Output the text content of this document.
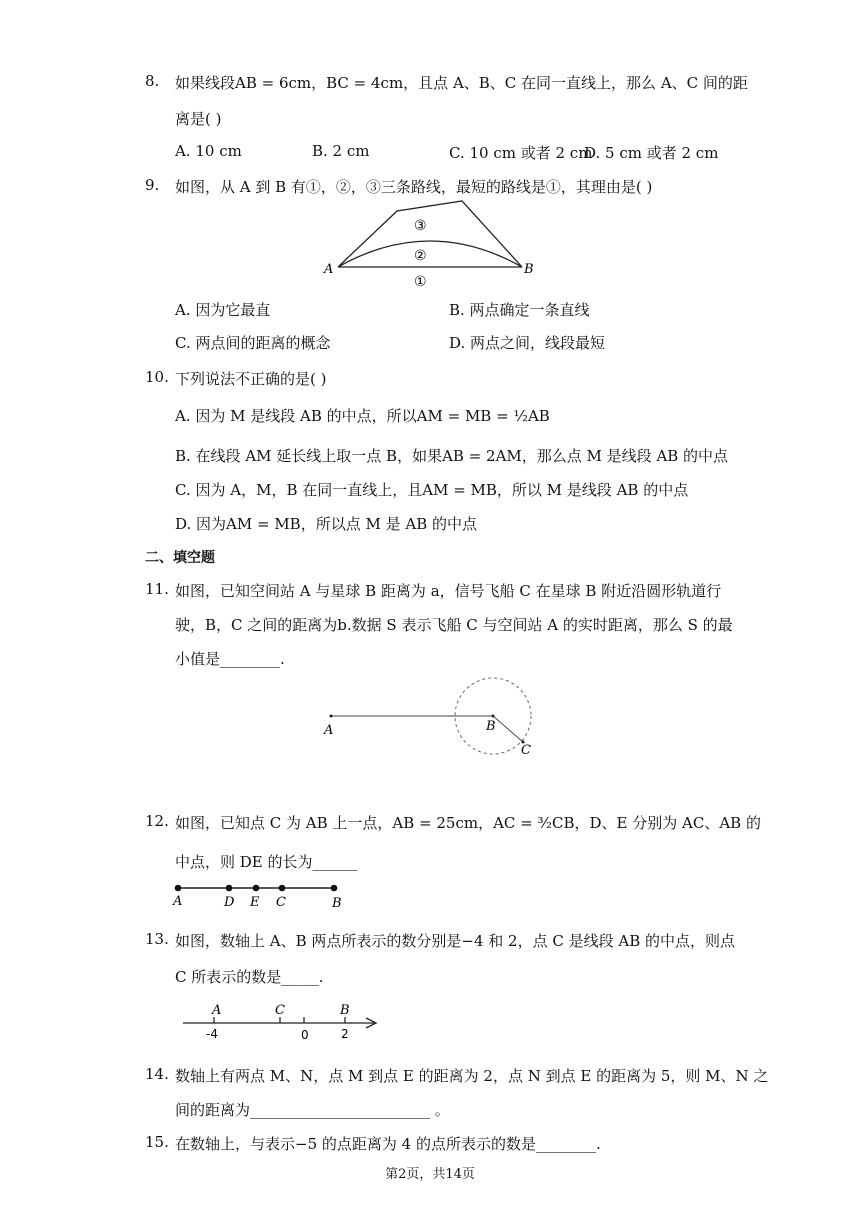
8. 如果线段AB = 6cm，BC = 4cm，且点 A、B、C 在同一直线上，那么 A、C 间的距
离是( )
A. 10 cm	B. 2 cm	C. 10 cm 或者 2 cm
D. 5 cm 或者 2 cm
9. 如图，从 A 到 B 有①，②，③三条路线，最短的路线是①，其理由是( )
A	B
③
②
①
A. 因为它最直	B. 两点确定一条直线
C. 两点间的距离的概念	D. 两点之间，线段最短
10. 下列说法不正确的是( )
A. 因为 M 是线段 AB 的中点，所以AM = MB = ½AB
B. 在线段 AM 延长线上取一点 B，如果AB = 2AM，那么点 M 是线段 AB 的中点
C. 因为 A，M，B 在同一直线上，且AM = MB，所以 M 是线段 AB 的中点
D. 因为AM = MB，所以点 M 是 AB 的中点
二、填空题
11. 如图，已知空间站 A 与星球 B 距离为 a，信号飞船 C 在星球 B 附近沿圆形轨道行
驶，B，C 之间的距离为b.数据 S 表示飞船 C 与空间站 A 的实时距离，那么 S 的最
小值是________.
A	B
C
12. 如图，已知点 C 为 AB 上一点，AB = 25cm，AC = ³⁄₂CB，D、E 分别为 AC、AB 的
中点，则 DE 的长为______
A	D E C	B
13. 如图，数轴上 A、B 两点所表示的数分别是−4 和 2，点 C 是线段 AB 的中点，则点
C 所表示的数是_____.
A	C	B
-4	0	2
14. 数轴上有两点 M、N，点 M 到点 E 的距离为 2，点 N 到点 E 的距离为 5，则 M、N 之
间的距离为________________________ 。
15. 在数轴上，与表示−5 的点距离为 4 的点所表示的数是________.
第2页，共14页
